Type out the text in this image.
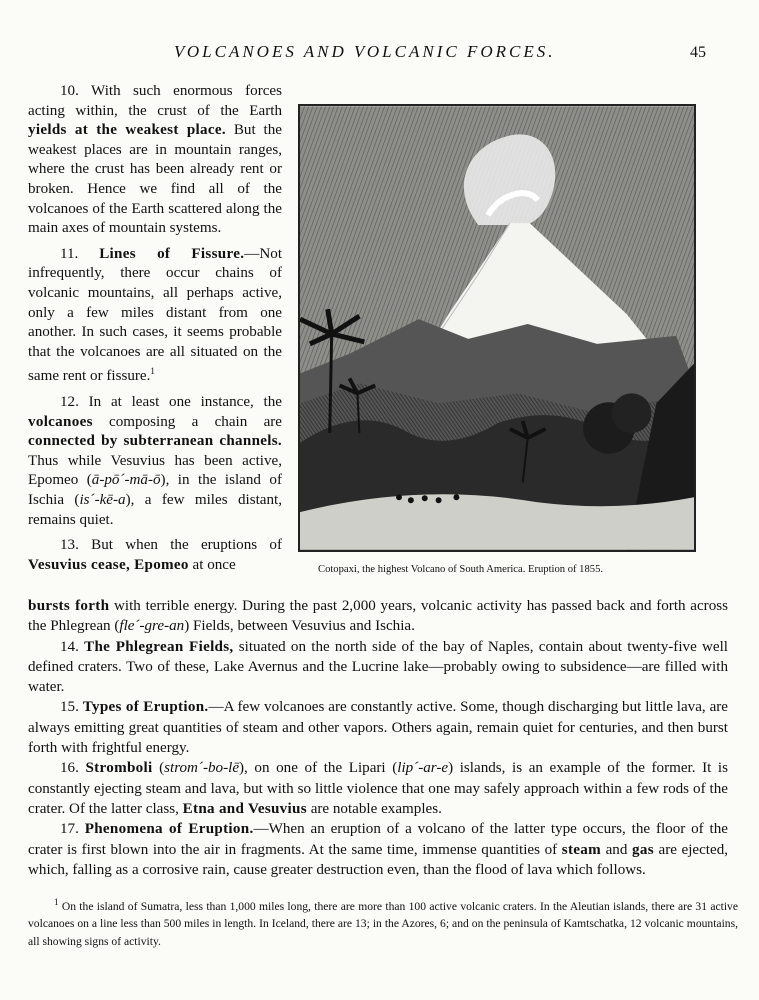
VOLCANOES AND VOLCANIC FORCES.	45

10. With such enormous forces acting within, the crust of the Earth yields at the weakest place. But the weakest places are in mountain ranges, where the crust has been already rent or broken. Hence we find all of the volcanoes of the Earth scattered along the main axes of mountain systems.

11. Lines of Fissure.—Not infrequently, there occur chains of volcanic mountains, all perhaps active, only a few miles distant from one another. In such cases, it seems probable that the volcanoes are all situated on the same rent or fissure.$^1$

12. In at least one instance, the volcanoes composing a chain are connected by subterranean channels. Thus while Vesuvius has been active, Epomeo (ā-pō´-mā-ō), in the island of Ischia (is´-kē-a), a few miles distant, remains quiet.

13. But when the eruptions of Vesuvius cease, Epomeo at once	Cotopaxi, the highest Volcano of South America. Eruption of 1855.

bursts forth with terrible energy. During the past 2,000 years, volcanic activity has passed back and forth across the Phlegrean (fle´-gre-an) Fields, between Vesuvius and Ischia.

14. The Phlegrean Fields, situated on the north side of the bay of Naples, contain about twenty-five well defined craters. Two of these, Lake Avernus and the Lucrine lake—probably owing to subsidence—are filled with water.

15. Types of Eruption.—A few volcanoes are constantly active. Some, though discharging but little lava, are always emitting great quantities of steam and other vapors. Others again, remain quiet for centuries, and then burst forth with frightful energy.

16. Stromboli (strom´-bo-lē), on one of the Lipari (lip´-ar-e) islands, is an example of the former. It is constantly ejecting steam and lava, but with so little violence that one may safely approach within a few rods of the crater. Of the latter class, Etna and Vesuvius are notable examples.

17. Phenomena of Eruption.—When an eruption of a volcano of the latter type occurs, the floor of the crater is first blown into the air in fragments. At the same time, immense quantities of steam and gas are ejected, which, falling as a corrosive rain, cause greater destruction even, than the flood of lava which follows.

$^1$ On the island of Sumatra, less than 1,000 miles long, there are more than 100 active volcanic craters. In the Aleutian islands, there are 31 active volcanoes on a line less than 500 miles in length. In Iceland, there are 13; in the Azores, 6; and on the peninsula of Kamtschatka, 12 volcanic mountains, all showing signs of activity.
